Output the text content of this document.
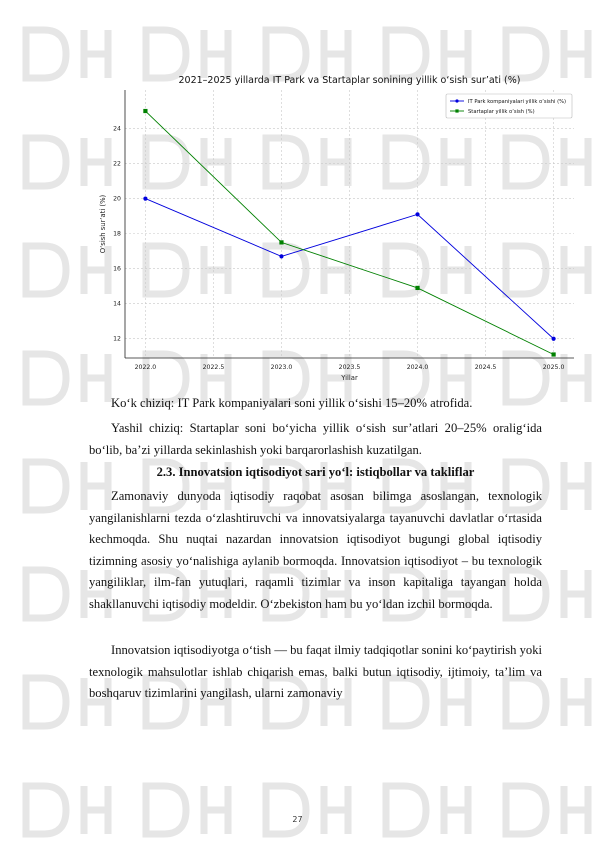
2021–2025 yillarda IT Park va Startaplar sonining yillik o‘sish sur’ati (%)
2022.0	2022.5	2023.0	2023.5	2024.0	2024.5	2025.0
12
14
16
18
20
22
24
Yillar
O‘sish sur’ati (%)
IT Park kompaniyalari yillik o‘sishi (%)
Startaplar yillik o‘sish (%)

Ko‘k chiziq: IT Park kompaniyalari soni yillik o‘sishi 15–20% atrofida.

Yashil chiziq: Startaplar soni bo‘yicha yillik o‘sish sur’atlari 20–25% oralig‘ida bo‘lib, ba’zi yillarda sekinlashish yoki barqarorlashish kuzatilgan.

2.3. Innovatsion iqtisodiyot sari yo‘l: istiqbollar va takliflar

Zamonaviy dunyoda iqtisodiy raqobat asosan bilimga asoslangan, texnologik yangilanishlarni tezda o‘zlashtiruvchi va innovatsiyalarga tayanuvchi davlatlar o‘rtasida kechmoqda. Shu nuqtai nazardan innovatsion iqtisodiyot bugungi global iqtisodiy tizimning asosiy yo‘nalishiga aylanib bormoqda. Innovatsion iqtisodiyot – bu texnologik yangiliklar, ilm-fan yutuqlari, raqamli tizimlar va inson kapitaliga tayangan holda shakllanuvchi iqtisodiy modeldir. O‘zbekiston ham bu yo‘ldan izchil bormoqda.

Innovatsion iqtisodiyotga o‘tish — bu faqat ilmiy tadqiqotlar sonini ko‘paytirish yoki texnologik mahsulotlar ishlab chiqarish emas, balki butun iqtisodiy, ijtimoiy, ta’lim va boshqaruv tizimlarini yangilash, ularni zamonaviy

27
